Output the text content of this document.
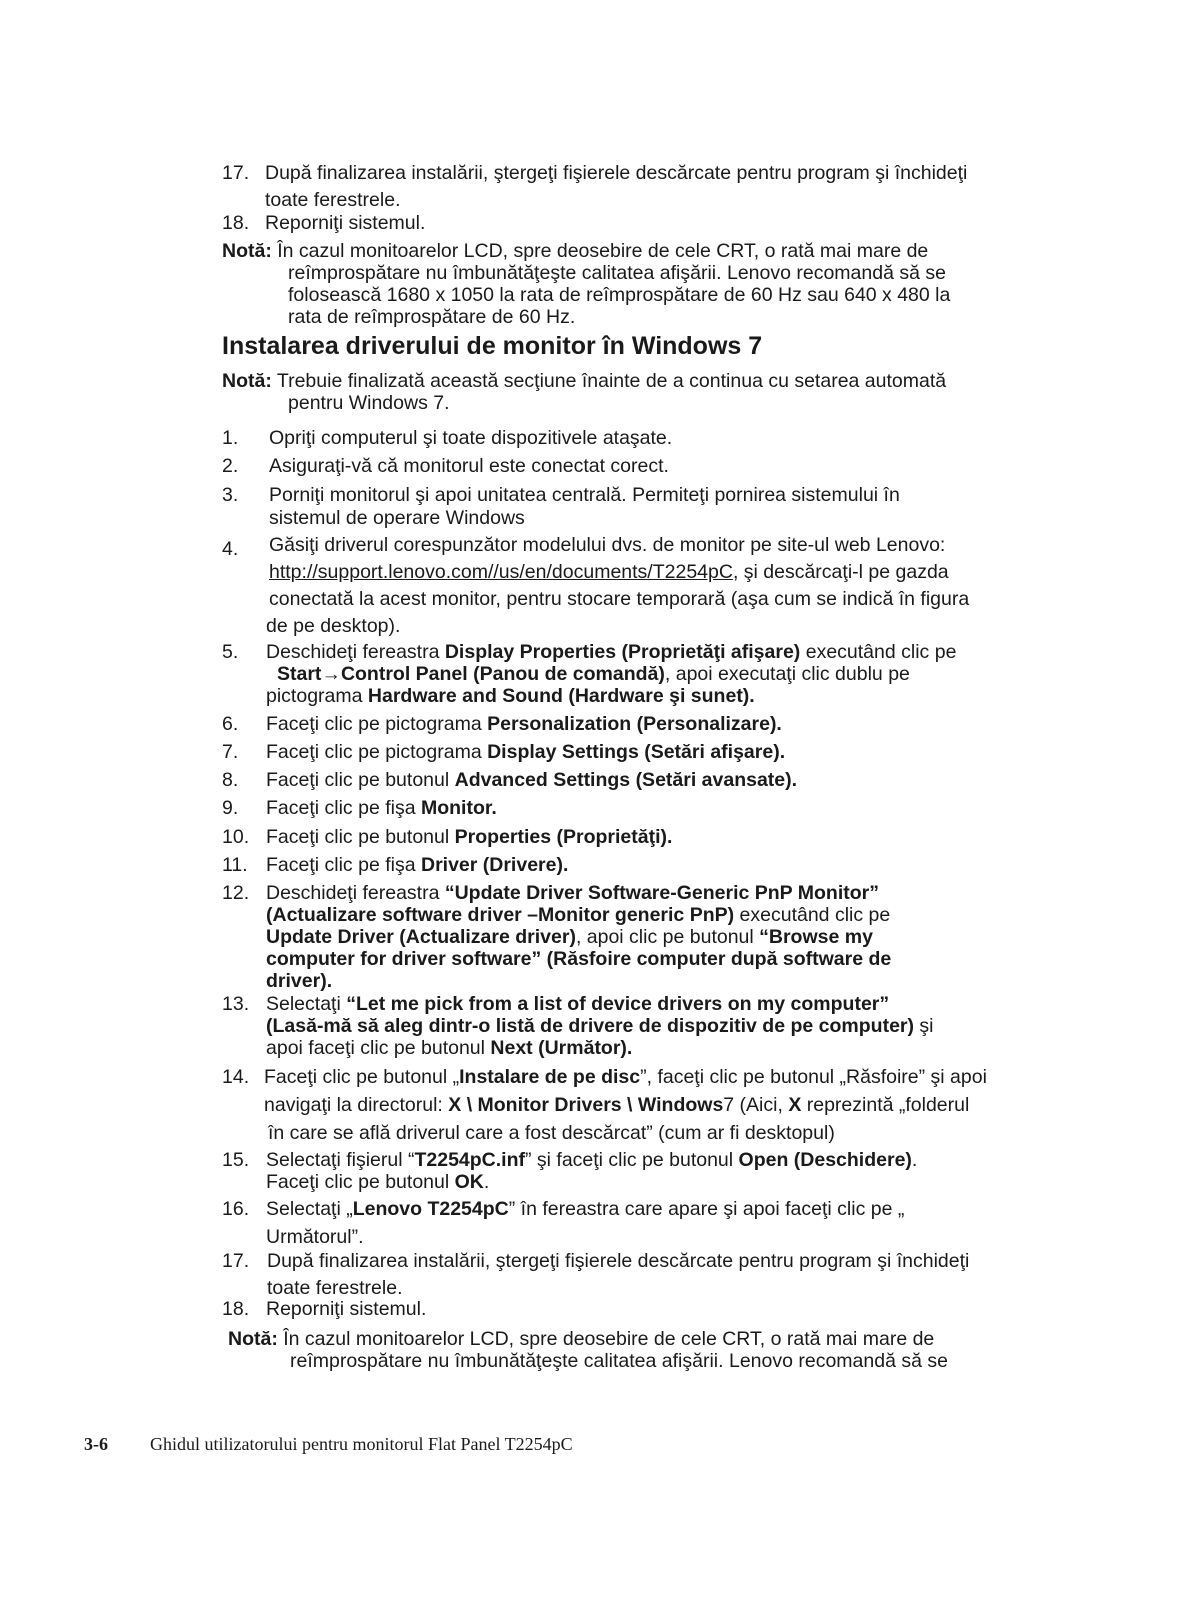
17. După finalizarea instalării, ştergeţi fişierele descărcate pentru program şi închideţi
toate ferestrele.
18. Reporniţi sistemul.
Notă: În cazul monitoarelor LCD, spre deosebire de cele CRT, o rată mai mare de
reîmprospătare nu îmbunătăţeşte calitatea afişării. Lenovo recomandă să se
folosească 1680 x 1050 la rata de reîmprospătare de 60 Hz sau 640 x 480 la
rata de reîmprospătare de 60 Hz.
Instalarea driverului de monitor în Windows 7
Notă: Trebuie finalizată această secţiune înainte de a continua cu setarea automată
pentru Windows 7.
1.	Opriţi computerul şi toate dispozitivele ataşate.
2.	Asiguraţi-vă că monitorul este conectat corect.
3.	Porniţi monitorul şi apoi unitatea centrală. Permiteţi pornirea sistemului în
sistemul de operare Windows
4.	Găsiţi driverul corespunzător modelului dvs. de monitor pe site-ul web Lenovo:
http://support.lenovo.com//us/en/documents/T2254pC, şi descărcaţi-l pe gazda
conectată la acest monitor, pentru stocare temporară (aşa cum se indică în figura
de pe desktop).
5.	Deschideţi fereastra Display Properties (Proprietăţi afişare) executând clic pe
Start→Control Panel (Panou de comandă), apoi executaţi clic dublu pe
pictograma Hardware and Sound (Hardware şi sunet).
6.	Faceţi clic pe pictograma Personalization (Personalizare).
7.	Faceţi clic pe pictograma Display Settings (Setări afişare).
8.	Faceţi clic pe butonul Advanced Settings (Setări avansate).
9.	Faceţi clic pe fişa Monitor.
10. Faceţi clic pe butonul Properties (Proprietăţi).
11. Faceţi clic pe fişa Driver (Drivere).
12. Deschideţi fereastra “Update Driver Software-Generic PnP Monitor”
(Actualizare software driver –Monitor generic PnP) executând clic pe
Update Driver (Actualizare driver), apoi clic pe butonul “Browse my
computer for driver software” (Răsfoire computer după software de
driver).
13. Selectaţi “Let me pick from a list of device drivers on my computer”
(Lasă-mă să aleg dintr-o listă de drivere de dispozitiv de pe computer) şi
apoi faceţi clic pe butonul Next (Următor).
14. Faceţi clic pe butonul „Instalare de pe disc”, faceţi clic pe butonul „Răsfoire” şi apoi
navigaţi la directorul: X \ Monitor Drivers \ Windows7 (Aici, X reprezintă „folderul
în care se află driverul care a fost descărcat” (cum ar fi desktopul)
15. Selectaţi fişierul “T2254pC.inf” şi faceţi clic pe butonul Open (Deschidere).
Faceţi clic pe butonul OK.
16. Selectaţi „Lenovo T2254pC” în fereastra care apare şi apoi faceţi clic pe „
Următorul”.
17. După finalizarea instalării, ştergeţi fişierele descărcate pentru program şi închideţi
toate ferestrele.
18. Reporniţi sistemul.
Notă: În cazul monitoarelor LCD, spre deosebire de cele CRT, o rată mai mare de
reîmprospătare nu îmbunătăţeşte calitatea afişării. Lenovo recomandă să se
3-6 Ghidul utilizatorului pentru monitorul Flat Panel T2254pC
